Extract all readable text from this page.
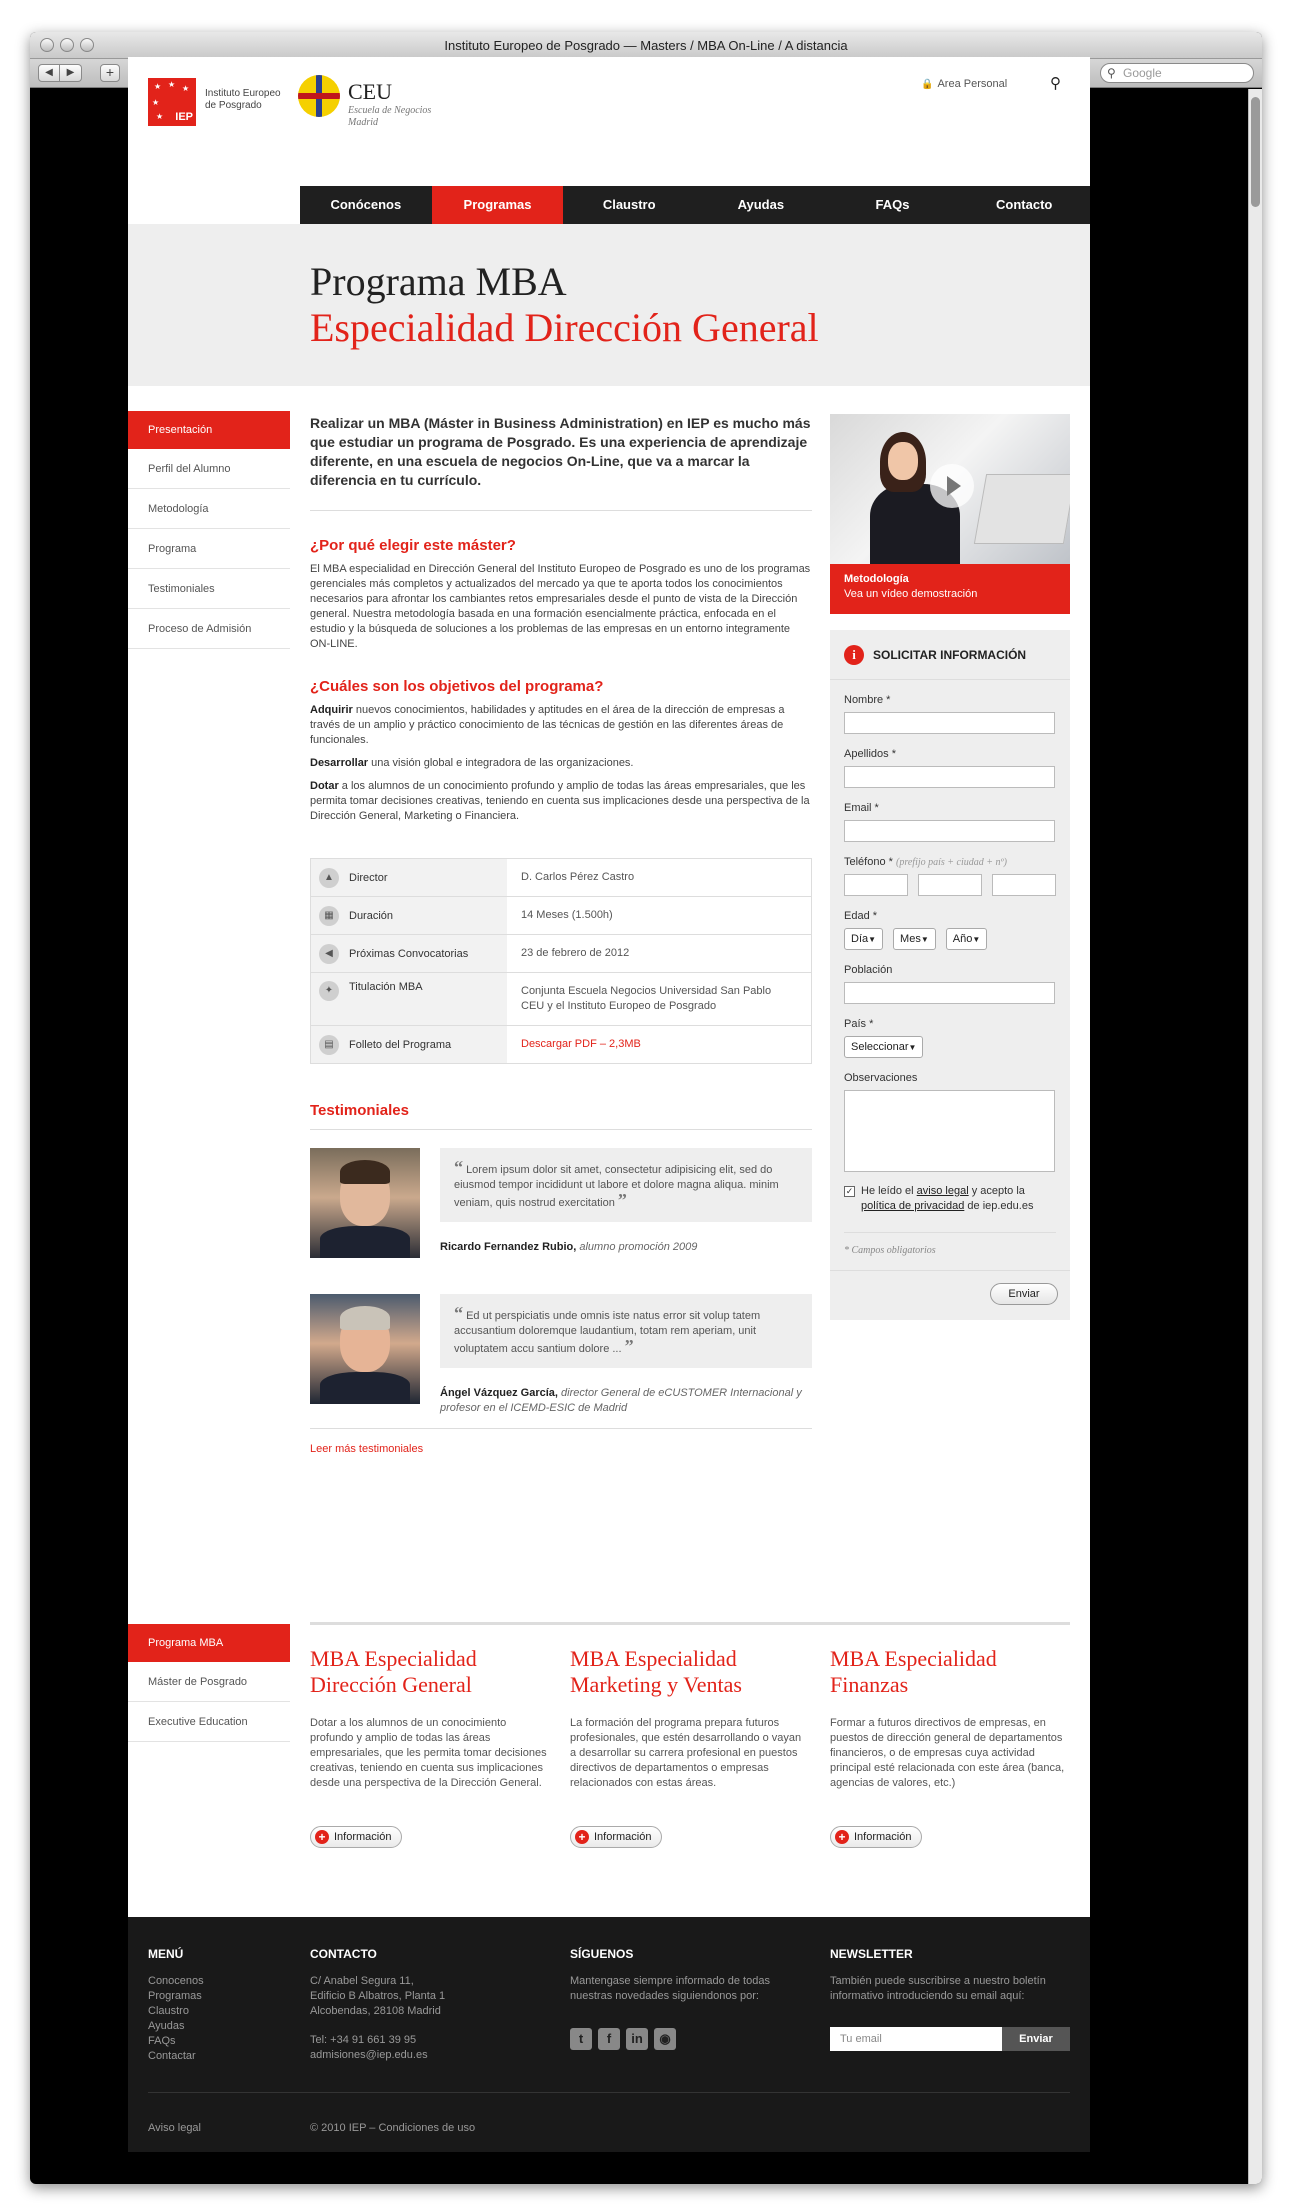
Instituto Europeo de Posgrado — Masters / MBA On-Line / A distancia
◀	▶	+	⚲ Google
★ ★ ★
★
★ IEP
Instituto Europeo de Posgrado
CEU
Escuela de Negocios Madrid
🔒 Area Personal	⚲
Conócenos	Programas	Claustro	Ayudas	FAQs	Contacto
Programa MBA
Especialidad Dirección General
Presentación
Perfil del Alumno
Metodología
Programa
Testimoniales
Proceso de Admisión

Realizar un MBA (Máster in Business Administration) en IEP es mucho más que estudiar un programa de Posgrado. Es una experiencia de aprendizaje diferente, en una escuela de negocios On-Line, que va a marcar la diferencia en tu currículo.

¿Por qué elegir este máster?

El MBA especialidad en Dirección General del Instituto Europeo de Posgrado es uno de los programas gerenciales más completos y actualizados del mercado ya que te aporta todos los conocimientos necesarios para afrontar los cambiantes retos empresariales desde el punto de vista de la Dirección general. Nuestra metodología basada en una formación esencialmente práctica, enfocada en el estudio y la búsqueda de soluciones a los problemas de las empresas en un entorno integramente ON-LINE.

¿Cuáles son los objetivos del programa?

Adquirir nuevos conocimientos, habilidades y aptitudes en el área de la dirección de empresas a través de un amplio y práctico conocimiento de las técnicas de gestión en las diferentes áreas de funcionales.

Desarrollar una visión global e integradora de las organizaciones.

Dotar a los alumnos de un conocimiento profundo y amplio de todas las áreas empresariales, que les permita tomar decisiones creativas, teniendo en cuenta sus implicaciones desde una perspectiva de la Dirección General, Marketing o Financiera.

▲	Director	D. Carlos Pérez Castro
▦	Duración	14 Meses (1.500h)
◀	Próximas Convocatorias	23 de febrero de 2012
✦	Titulación MBA	Conjunta Escuela Negocios Universidad San Pablo CEU y el Instituto Europeo de Posgrado
▤	Folleto del Programa	Descargar PDF – 2,3MB
Testimoniales
“ Lorem ipsum dolor sit amet, consectetur adipisicing elit, sed do eiusmod tempor incididunt ut labore et dolore magna aliqua. minim veniam, quis nostrud exercitation ”
Ricardo Fernandez Rubio, alumno promoción 2009
“ Ed ut perspiciatis unde omnis iste natus error sit volup tatem accusantium doloremque laudantium, totam rem aperiam, unit voluptatem accu santium dolore ... ”
Ángel Vázquez García, director General de eCUSTOMER Internacional y profesor en el ICEMD-ESIC de Madrid
Leer más testimoniales
Metodología
Vea un vídeo demostración
i	SOLICITAR INFORMACIÓN
Nombre *
Apellidos *
Email *
Teléfono * (prefijo país + ciudad + nº)
Edad *
Día ▼ Mes ▼ Año ▼
Población
País *
Seleccionar ▼
Observaciones
✓ He leído el aviso legal y acepto la política de privacidad de iep.edu.es
* Campos obligatorios
Enviar
Programa MBA
Máster de Posgrado
Executive Education
MBA Especialidad Dirección General

Dotar a los alumnos de un conocimiento profundo y amplio de todas las áreas empresariales, que les permita tomar decisiones creativas, teniendo en cuenta sus implicaciones desde una perspectiva de la Dirección General.

+ Información
MBA Especialidad Marketing y Ventas

La formación del programa prepara futuros profesionales, que estén desarrollando o vayan a desarrollar su carrera profesional en puestos directivos de departamentos o empresas relacionados con estas áreas.

+ Información
MBA Especialidad Finanzas

Formar a futuros directivos de empresas, en puestos de dirección general de departamentos financieros, o de empresas cuya actividad principal esté relacionada con este área (banca, agencias de valores, etc.)

+ Información
MENÚ
Conocenos
Programas
Claustro
Ayudas
FAQs
Contactar
CONTACTO
C/ Anabel Segura 11,
Edificio B Albatros, Planta 1
Alcobendas, 28108 Madrid
Tel: +34 91 661 39 95
admisiones@iep.edu.es
SÍGUENOS
Mantengase siempre informado de todas nuestras novedades siguiendonos por:
t	f	in	◉
NEWSLETTER
También puede suscribirse a nuestro boletín informativo introduciendo su email aquí:
Tu email	Enviar
Aviso legal	© 2010 IEP – Condiciones de uso
